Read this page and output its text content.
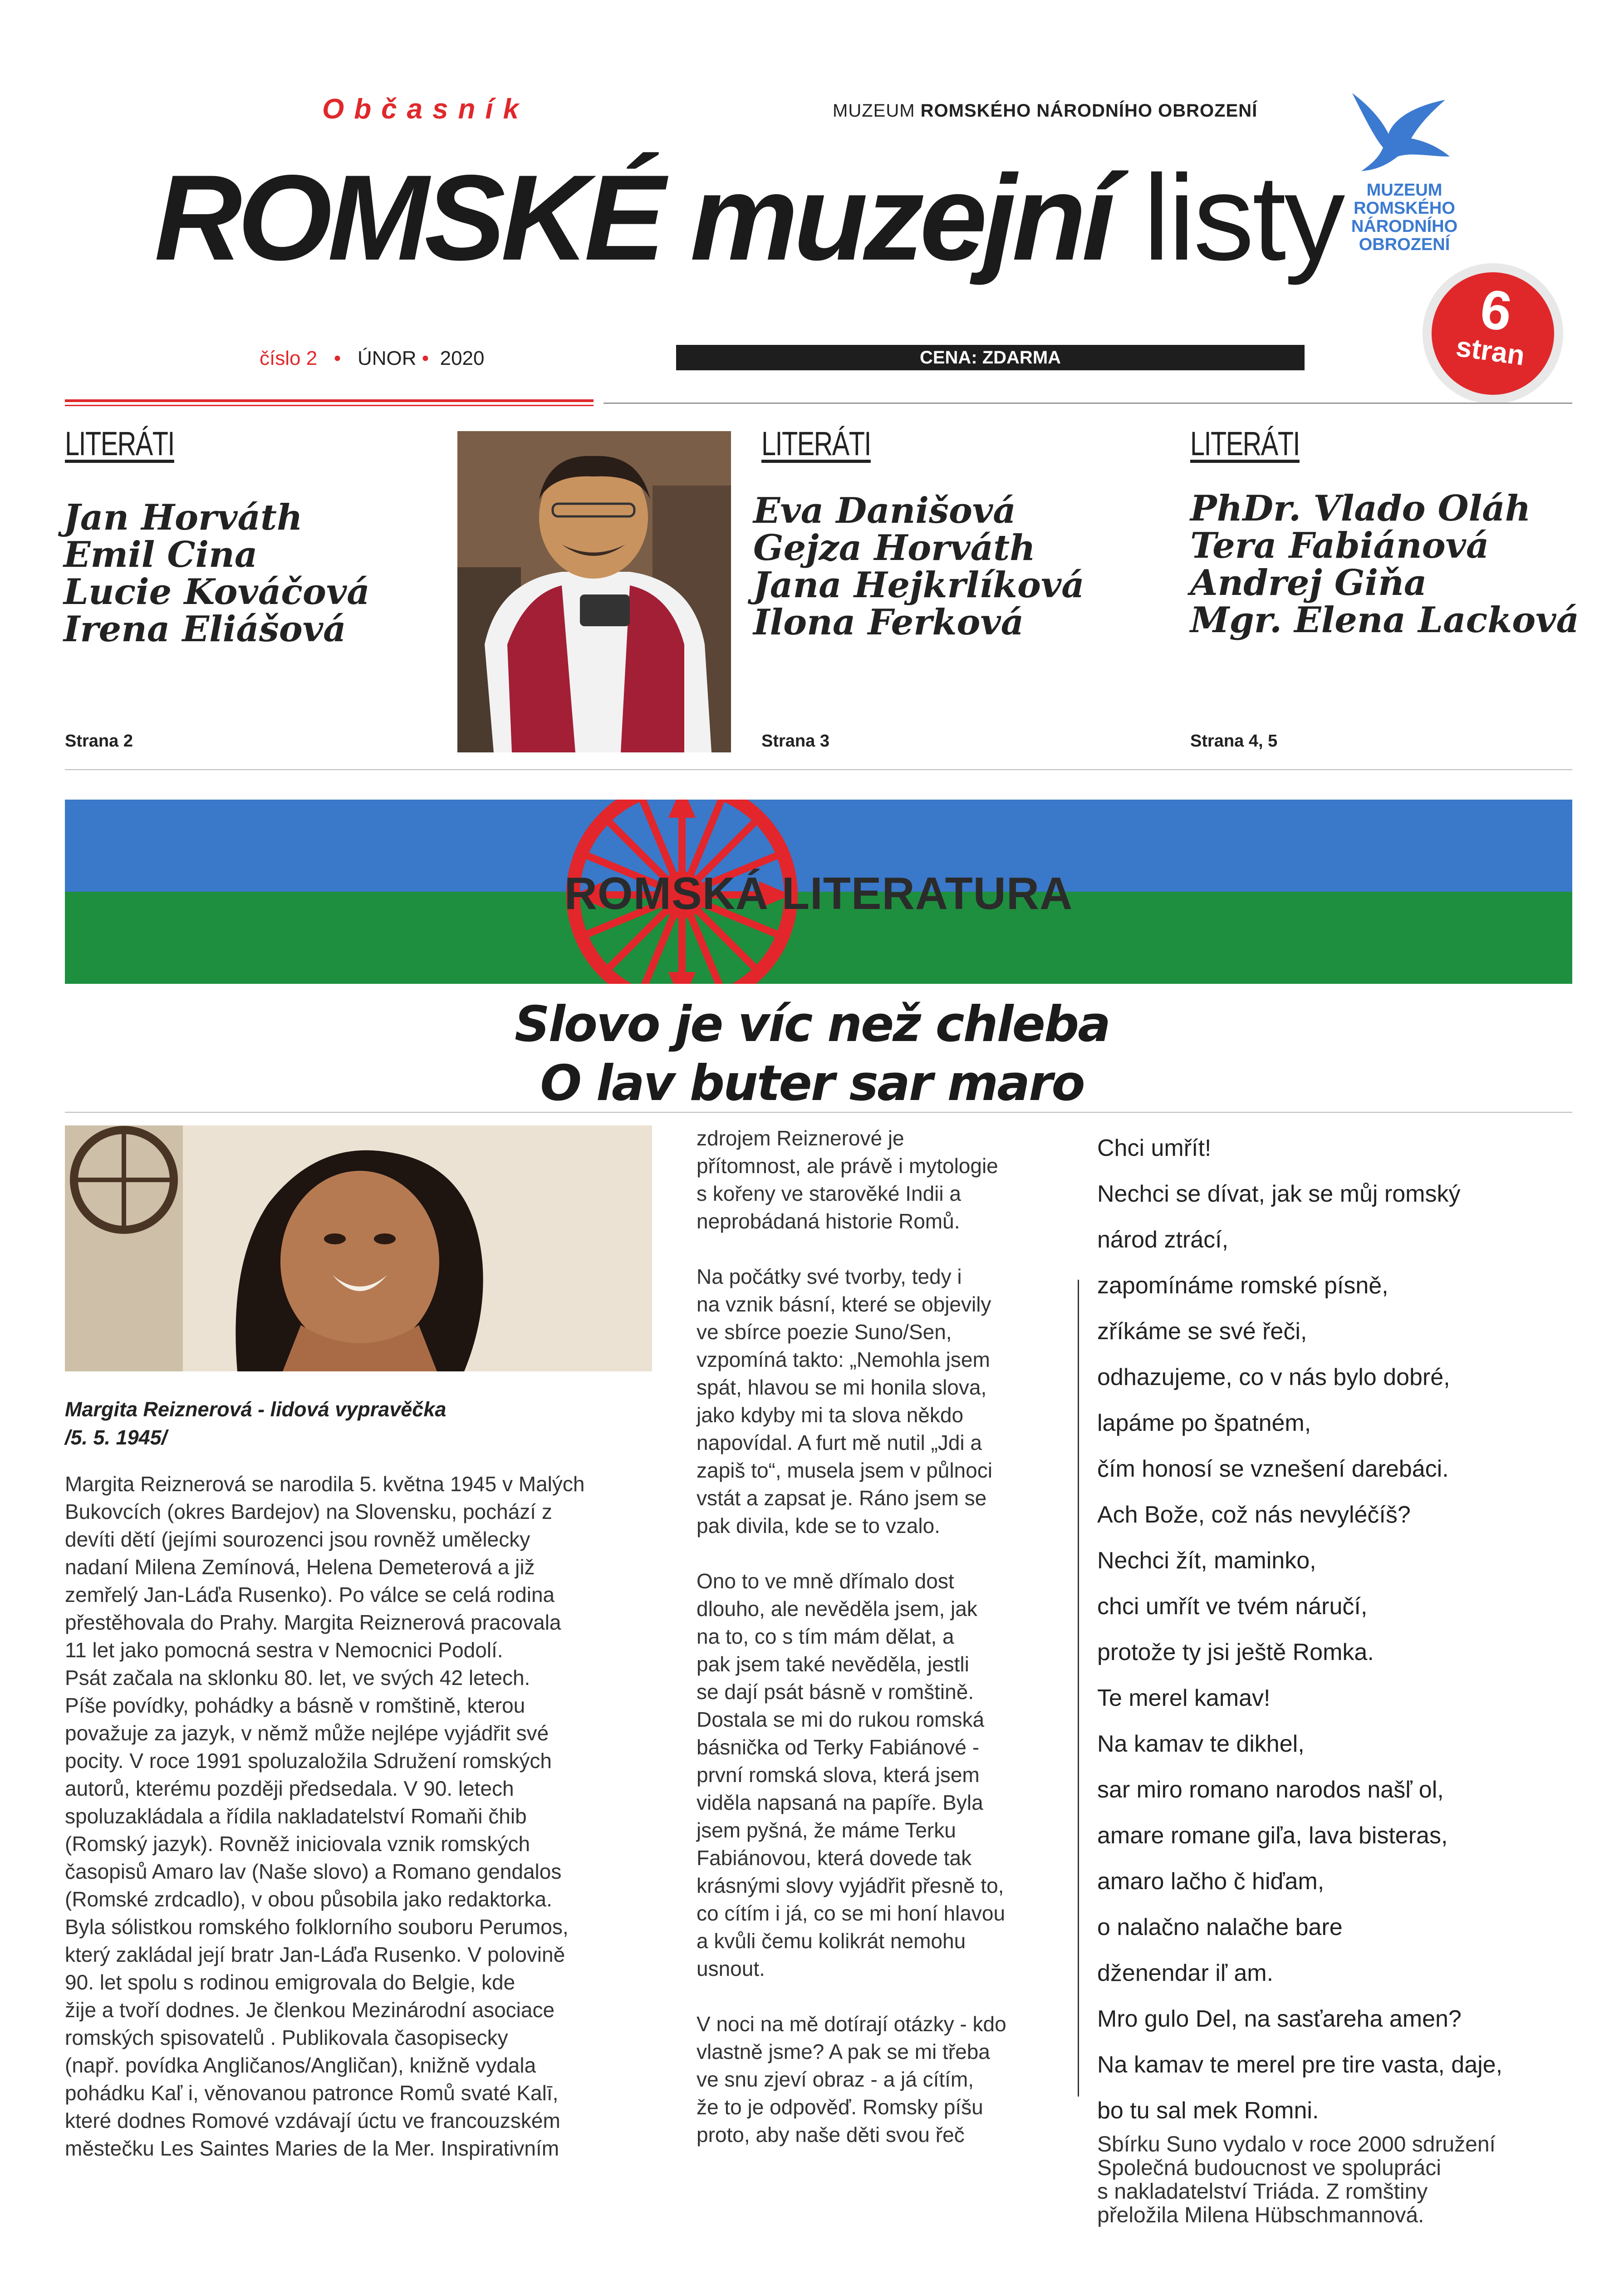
Občasník	MUZEUM ROMSKÉHO NÁRODNÍHO OBROZENÍ
ROMSKÉ muzejní listy
číslo 2 • ÚNOR • 2020	CENA: ZDARMA
MUZEUM
ROMSKÉHO
NÁRODNÍHO
OBROZENÍ
6
stran
LITERÁTI
Jan Horváth
Emil Cina
Lucie Kováčová
Irena Eliášová
Strana 2
LITERÁTI
Eva Danišová
Gejza Horváth
Jana Hejkrlíková
Ilona Ferková
Strana 3
LITERÁTI
PhDr. Vlado Oláh
Tera Fabiánová
Andrej Giňa
Mgr. Elena Lacková
Strana 4, 5
ROMSKÁ LITERATURA
Slovo je víc než chleba
O lav buter sar maro
Margita Reiznerová - lidová vypravěčka
/5. 5. 1945/
Margita Reiznerová se narodila 5. května 1945 v Malých
Bukovcích (okres Bardejov) na Slovensku, pochází z
devíti dětí (jejími sourozenci jsou rovněž umělecky
nadaní Milena Zemínová, Helena Demeterová a již
zemřelý Jan-Láďa Rusenko). Po válce se celá rodina
přestěhovala do Prahy. Margita Reiznerová pracovala
11 let jako pomocná sestra v Nemocnici Podolí.
Psát začala na sklonku 80. let, ve svých 42 letech.
Píše povídky, pohádky a básně v romštině, kterou
považuje za jazyk, v němž může nejlépe vyjádřit své
pocity. V roce 1991 spoluzaložila Sdružení romských
autorů, kterému později předsedala. V 90. letech
spoluzakládala a řídila nakladatelství Romaňi čhib
(Romský jazyk). Rovněž iniciovala vznik romských
časopisů Amaro lav (Naše slovo) a Romano gendalos
(Romské zrdcadlo), v obou působila jako redaktorka.
Byla sólistkou romského folklorního souboru Perumos,
který zakládal její bratr Jan-Láďa Rusenko. V polovině
90. let spolu s rodinou emigrovala do Belgie, kde
žije a tvoří dodnes. Je členkou Mezinárodní asociace
romských spisovatelů . Publikovala časopisecky
(např. povídka Angličanos/Angličan), knižně vydala
pohádku Kaľ i, věnovanou patronce Romů svaté Kalī,
které dodnes Romové vzdávají úctu ve francouzském
městečku Les Saintes Maries de la Mer. Inspirativním
zdrojem Reiznerové je
přítomnost, ale právě i mytologie
s kořeny ve starověké Indii a
neprobádaná historie Romů.
Na počátky své tvorby, tedy i
na vznik básní, které se objevily
ve sbírce poezie Suno/Sen,
vzpomíná takto: „Nemohla jsem
spát, hlavou se mi honila slova,
jako kdyby mi ta slova někdo
napovídal. A furt mě nutil „Jdi a
zapiš to“, musela jsem v půlnoci
vstát a zapsat je. Ráno jsem se
pak divila, kde se to vzalo.
Ono to ve mně dřímalo dost
dlouho, ale nevěděla jsem, jak
na to, co s tím mám dělat, a
pak jsem také nevěděla, jestli
se dají psát básně v romštině.
Dostala se mi do rukou romská
básnička od Terky Fabiánové -
první romská slova, která jsem
viděla napsaná na papíře. Byla
jsem pyšná, že máme Terku
Fabiánovou, která dovede tak
krásnými slovy vyjádřit přesně to,
co cítím i já, co se mi honí hlavou
a kvůli čemu kolikrát nemohu
usnout.
V noci na mě dotírají otázky - kdo
vlastně jsme? A pak se mi třeba
ve snu zjeví obraz - a já cítím,
že to je odpověď. Romsky píšu
proto, aby naše děti svou řeč
Chci umřít!
Nechci se dívat, jak se můj romský
národ ztrácí,
zapomínáme romské písně,
zříkáme se své řeči,
odhazujeme, co v nás bylo dobré,
lapáme po špatném,
čím honosí se vznešení darebáci.
Ach Bože, což nás nevyléčíš?
Nechci žít, maminko,
chci umřít ve tvém náručí,
protože ty jsi ještě Romka.
Te merel kamav!
Na kamav te dikhel,
sar miro romano narodos našľ ol,
amare romane giľa, lava bisteras,
amaro lačho č hiďam,
o nalačno nalačhe bare
dženendar iľ am.
Mro gulo Del, na sasťareha amen?
Na kamav te merel pre tire vasta, daje,
bo tu sal mek Romni.
Sbírku Suno vydalo v roce 2000 sdružení
Společná budoucnost ve spolupráci
s nakladatelství Triáda. Z romštiny
přeložila Milena Hübschmannová.
